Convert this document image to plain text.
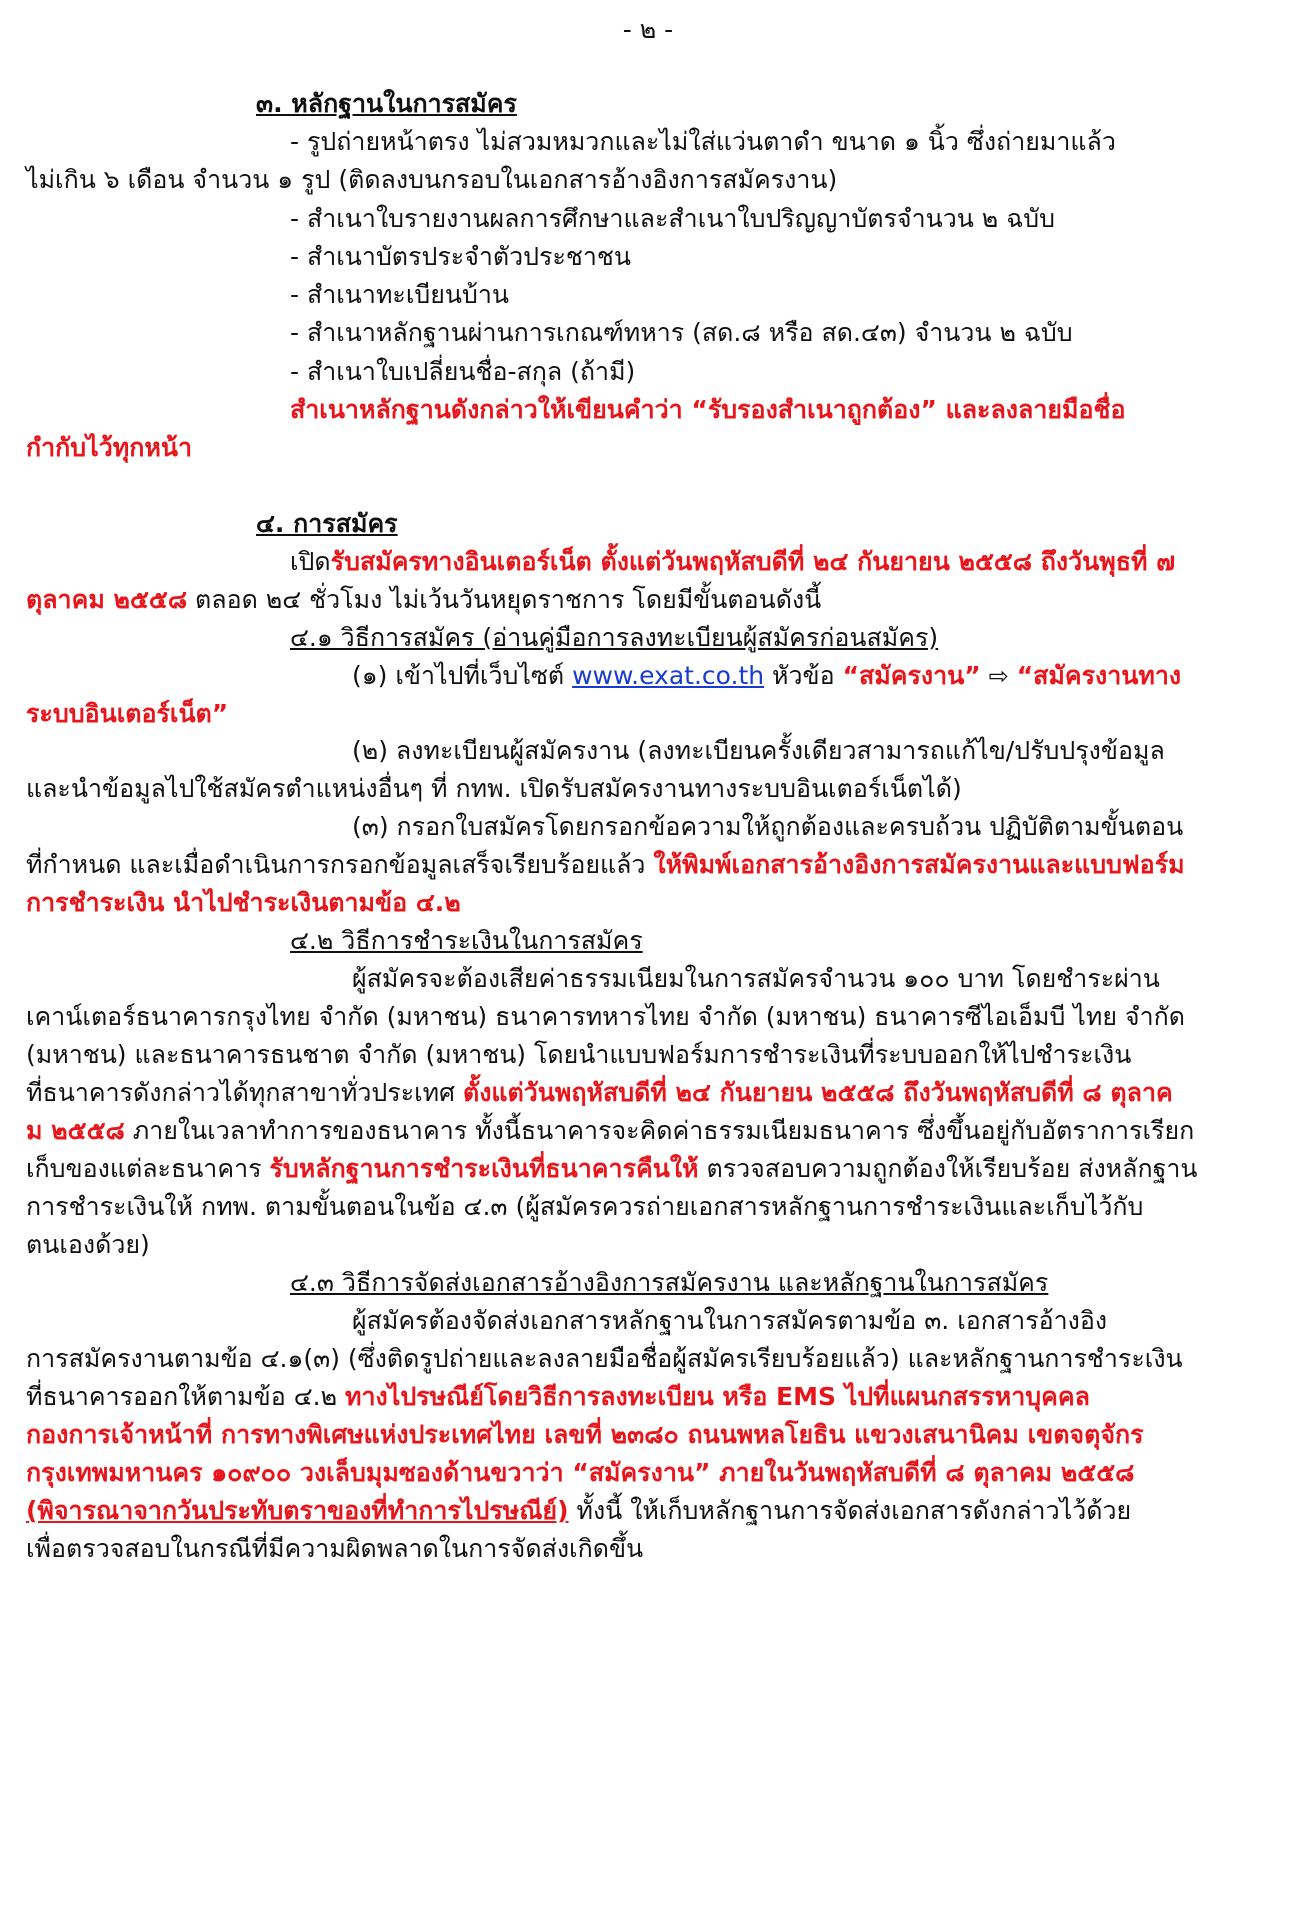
- ๒ -
๓. หลักฐานในการสมัคร
- รูปถ่ายหน้าตรง ไม่สวมหมวกและไม่ใส่แว่นตาดำ ขนาด ๑ นิ้ว ซึ่งถ่ายมาแล้ว
ไม่เกิน ๖ เดือน จำนวน ๑ รูป (ติดลงบนกรอบในเอกสารอ้างอิงการสมัครงาน)
- สำเนาใบรายงานผลการศึกษาและสำเนาใบปริญญาบัตรจำนวน ๒ ฉบับ
- สำเนาบัตรประจำตัวประชาชน
- สำเนาทะเบียนบ้าน
- สำเนาหลักฐานผ่านการเกณฑ์ทหาร (สด.๘ หรือ สด.๔๓) จำนวน ๒ ฉบับ
- สำเนาใบเปลี่ยนชื่อ-สกุล (ถ้ามี)
สำเนาหลักฐานดังกล่าวให้เขียนคำว่า “รับรองสำเนาถูกต้อง” และลงลายมือชื่อ
กำกับไว้ทุกหน้า
๔. การสมัคร
เปิดรับสมัครทางอินเตอร์เน็ต ตั้งแต่วันพฤหัสบดีที่ ๒๔ กันยายน ๒๕๕๘ ถึงวันพุธที่ ๗
ตุลาคม ๒๕๕๘ ตลอด ๒๔ ชั่วโมง ไม่เว้นวันหยุดราชการ โดยมีขั้นตอนดังนี้
๔.๑ วิธีการสมัคร (อ่านคู่มือการลงทะเบียนผู้สมัครก่อนสมัคร)
(๑) เข้าไปที่เว็บไซต์ www.exat.co.th หัวข้อ “สมัครงาน” ⇨ “สมัครงานทาง
ระบบอินเตอร์เน็ต”
(๒) ลงทะเบียนผู้สมัครงาน (ลงทะเบียนครั้งเดียวสามารถแก้ไข/ปรับปรุงข้อมูล
และนำข้อมูลไปใช้สมัครตำแหน่งอื่นๆ ที่ กทพ. เปิดรับสมัครงานทางระบบอินเตอร์เน็ตได้)
(๓) กรอกใบสมัครโดยกรอกข้อความให้ถูกต้องและครบถ้วน ปฏิบัติตามขั้นตอน
ที่กำหนด และเมื่อดำเนินการกรอกข้อมูลเสร็จเรียบร้อยแล้ว ให้พิมพ์เอกสารอ้างอิงการสมัครงานและแบบฟอร์ม
การชำระเงิน นำไปชำระเงินตามข้อ ๔.๒
๔.๒ วิธีการชำระเงินในการสมัคร
ผู้สมัครจะต้องเสียค่าธรรมเนียมในการสมัครจำนวน ๑๐๐ บาท โดยชำระผ่าน
เคาน์เตอร์ธนาคารกรุงไทย จำกัด (มหาชน) ธนาคารทหารไทย จำกัด (มหาชน) ธนาคารซีไอเอ็มบี ไทย จำกัด
(มหาชน) และธนาคารธนชาต จำกัด (มหาชน) โดยนำแบบฟอร์มการชำระเงินที่ระบบออกให้ไปชำระเงิน
ที่ธนาคารดังกล่าวได้ทุกสาขาทั่วประเทศ ตั้งแต่วันพฤหัสบดีที่ ๒๔ กันยายน ๒๕๕๘ ถึงวันพฤหัสบดีที่ ๘ ตุลาค
ม ๒๕๕๘ ภายในเวลาทำการของธนาคาร ทั้งนี้ธนาคารจะคิดค่าธรรมเนียมธนาคาร ซึ่งขึ้นอยู่กับอัตราการเรียก
เก็บของแต่ละธนาคาร รับหลักฐานการชำระเงินที่ธนาคารคืนให้ ตรวจสอบความถูกต้องให้เรียบร้อย ส่งหลักฐาน
การชำระเงินให้ กทพ. ตามขั้นตอนในข้อ ๔.๓ (ผู้สมัครควรถ่ายเอกสารหลักฐานการชำระเงินและเก็บไว้กับ
ตนเองด้วย)
๔.๓ วิธีการจัดส่งเอกสารอ้างอิงการสมัครงาน และหลักฐานในการสมัคร
ผู้สมัครต้องจัดส่งเอกสารหลักฐานในการสมัครตามข้อ ๓. เอกสารอ้างอิง
การสมัครงานตามข้อ ๔.๑(๓) (ซึ่งติดรูปถ่ายและลงลายมือชื่อผู้สมัครเรียบร้อยแล้ว) และหลักฐานการชำระเงิน
ที่ธนาคารออกให้ตามข้อ ๔.๒ ทางไปรษณีย์โดยวิธีการลงทะเบียน หรือ EMS ไปที่แผนกสรรหาบุคคล
กองการเจ้าหน้าที่ การทางพิเศษแห่งประเทศไทย เลขที่ ๒๓๘๐ ถนนพหลโยธิน แขวงเสนานิคม เขตจตุจักร
กรุงเทพมหานคร ๑๐๙๐๐ วงเล็บมุมซองด้านขวาว่า “สมัครงาน” ภายในวันพฤหัสบดีที่ ๘ ตุลาคม ๒๕๕๘
(พิจารณาจากวันประทับตราของที่ทำการไปรษณีย์) ทั้งนี้ ให้เก็บหลักฐานการจัดส่งเอกสารดังกล่าวไว้ด้วย
เพื่อตรวจสอบในกรณีที่มีความผิดพลาดในการจัดส่งเกิดขึ้น
